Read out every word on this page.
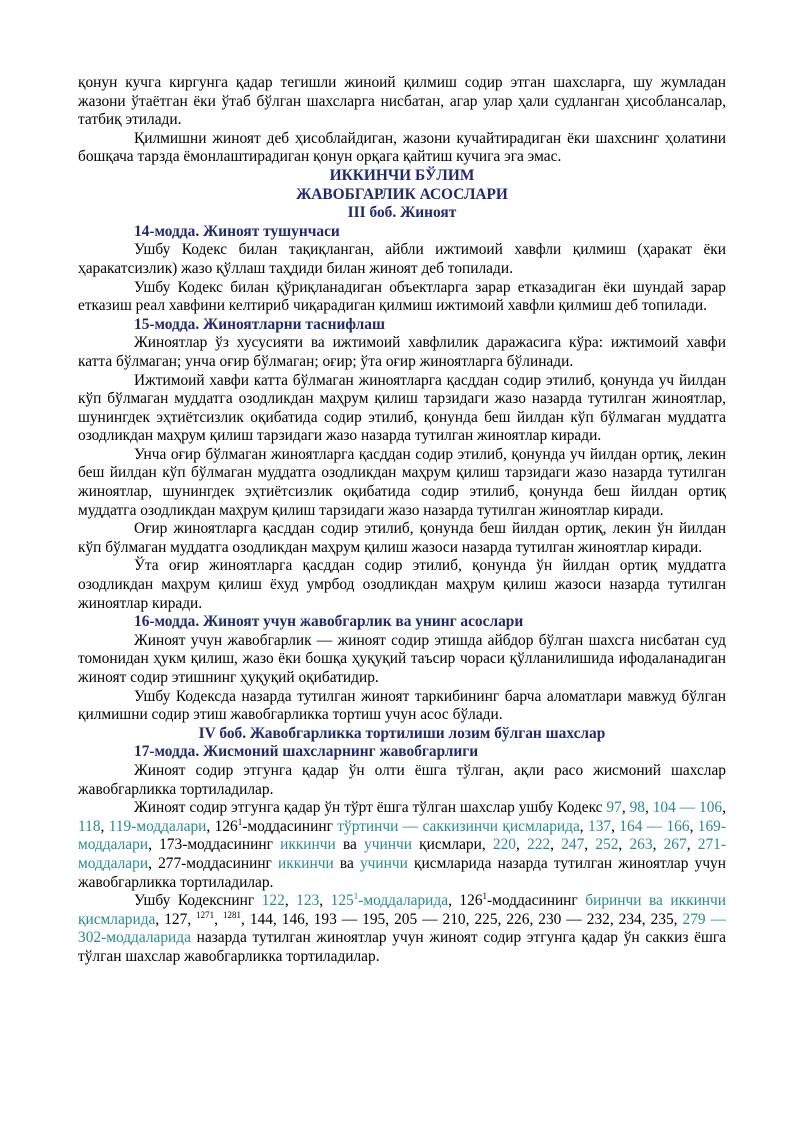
қонун кучга киргунга қадар тегишли жиноий қилмиш содир этган шахсларга, шу жумладан жазони ўтаётган ёки ўтаб бўлган шахсларга нисбатан, агар улар ҳали судланган ҳисоблансалар, татбиқ этилади.

Қилмишни жиноят деб ҳисоблайдиган, жазони кучайтирадиган ёки шахснинг ҳолатини бошқача тарзда ёмонлаштирадиган қонун орқага қайтиш кучига эга эмас.

ИККИНЧИ БЎЛИМ

ЖАВОБГАРЛИК АСОСЛАРИ

III боб. Жиноят

14-модда. Жиноят тушунчаси

Ушбу Кодекс билан тақиқланган, айбли ижтимоий хавфли қилмиш (ҳаракат ёки ҳаракатсизлик) жазо қўллаш таҳдиди билан жиноят деб топилади.

Ушбу Кодекс билан қўриқланадиган объектларга зарар етказадиган ёки шундай зарар етказиш реал хавфини келтириб чиқарадиган қилмиш ижтимоий хавфли қилмиш деб топилади.

15-модда. Жиноятларни таснифлаш

Жиноятлар ўз хусусияти ва ижтимоий хавфлилик даражасига кўра: ижтимоий хавфи катта бўлмаган; унча оғир бўлмаган; оғир; ўта оғир жиноятларга бўлинади.

Ижтимоий хавфи катта бўлмаган жиноятларга қасддан содир этилиб, қонунда уч йилдан кўп бўлмаган муддатга озодликдан маҳрум қилиш тарзидаги жазо назарда тутилган жиноятлар, шунингдек эҳтиётсизлик оқибатида содир этилиб, қонунда беш йилдан кўп бўлмаган муддатга озодликдан маҳрум қилиш тарзидаги жазо назарда тутилган жиноятлар киради.

Унча оғир бўлмаган жиноятларга қасддан содир этилиб, қонунда уч йилдан ортиқ, лекин беш йилдан кўп бўлмаган муддатга озодликдан маҳрум қилиш тарзидаги жазо назарда тутилган жиноятлар, шунингдек эҳтиётсизлик оқибатида содир этилиб, қонунда беш йилдан ортиқ муддатга озодликдан маҳрум қилиш тарзидаги жазо назарда тутилган жиноятлар киради.

Оғир жиноятларга қасддан содир этилиб, қонунда беш йилдан ортиқ, лекин ўн йилдан кўп бўлмаган муддатга озодликдан маҳрум қилиш жазоси назарда тутилган жиноятлар киради.

Ўта оғир жиноятларга қасддан содир этилиб, қонунда ўн йилдан ортиқ муддатга озодликдан маҳрум қилиш ёхуд умрбод озодликдан маҳрум қилиш жазоси назарда тутилган жиноятлар киради.

16-модда. Жиноят учун жавобгарлик ва унинг асослари

Жиноят учун жавобгарлик — жиноят содир этишда айбдор бўлган шахсга нисбатан суд томонидан ҳукм қилиш, жазо ёки бошқа ҳуқуқий таъсир чораси қўлланилишида ифодаланадиган жиноят содир этишнинг ҳуқуқий оқибатидир.

Ушбу Кодексда назарда тутилган жиноят таркибининг барча аломатлари мавжуд бўлган қилмишни содир этиш жавобгарликка тортиш учун асос бўлади.

IV боб. Жавобгарликка тортилиши лозим бўлган шахслар

17-модда. Жисмоний шахсларнинг жавобгарлиги

Жиноят содир этгунга қадар ўн олти ёшга тўлган, ақли расо жисмоний шахслар жавобгарликка тортиладилар.

Жиноят содир этгунга қадар ўн тўрт ёшга тўлган шахслар ушбу Кодекс 97, 98, 104 — 106, 118, 119-моддалари, $126^1$-моддасининг тўртинчи — саккизинчи қисмларида, 137, 164 — 166, 169-моддалари, 173-моддасининг иккинчи ва учинчи қисмлари, 220, 222, 247, 252, 263, 267, 271-моддалари, 277-моддасининг иккинчи ва учинчи қисмларида назарда тутилган жиноятлар учун жавобгарликка тортиладилар.

Ушбу Кодекснинг 122, 123, $125^1$-моддаларида, $126^1$-моддасининг биринчи ва иккинчи қисмларида, 127, $^{1271}$, $^{1281}$, 144, 146, 193 — 195, 205 — 210, 225, 226, 230 — 232, 234, 235, 279 — 302-моддаларида назарда тутилган жиноятлар учун жиноят содир этгунга қадар ўн саккиз ёшга тўлган шахслар жавобгарликка тортиладилар.
